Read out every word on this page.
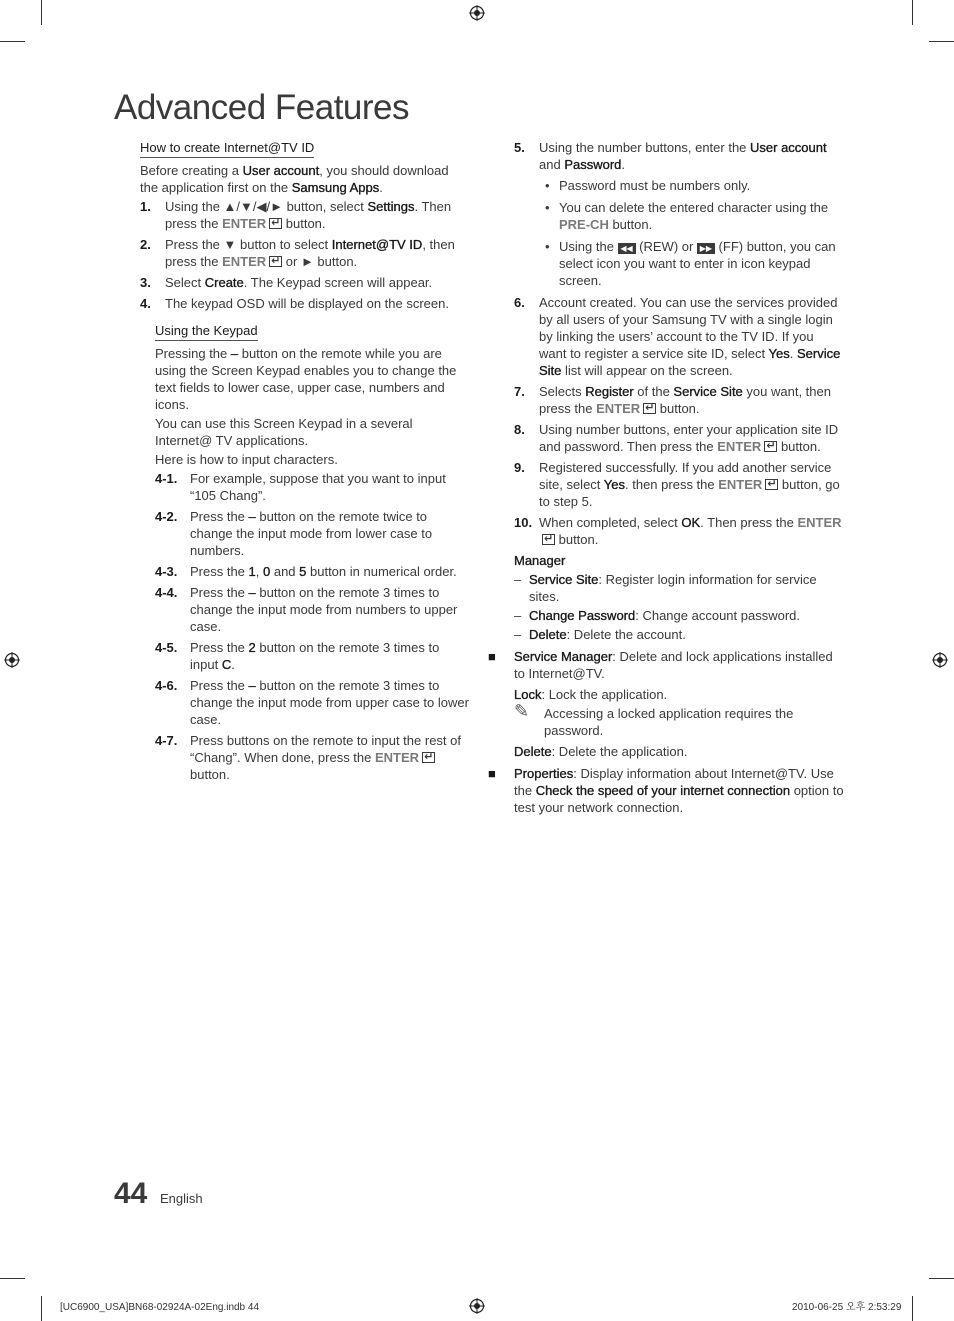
Advanced Features
How to create Internet@TV ID

Before creating a User account, you should download the application first on the Samsung Apps.

1. Using the ▲/▼/◀/► button, select Settings. Then press the ENTER↵ button.
2. Press the ▼ button to select Internet@TV ID, then press the ENTER↵ or ► button.
3. Select Create. The Keypad screen will appear.
4. The keypad OSD will be displayed on the screen.
Using the Keypad

Pressing the – button on the remote while you are using the Screen Keypad enables you to change the text fields to lower case, upper case, numbers and icons.

You can use this Screen Keypad in a several Internet@ TV applications.

Here is how to input characters.

4-1. For example, suppose that you want to input “105 Chang”.
4-2. Press the – button on the remote twice to change the input mode from lower case to numbers.
4-3. Press the 1, 0 and 5 button in numerical order.
4-4. Press the – button on the remote 3 times to change the input mode from numbers to upper case.
4-5. Press the 2 button on the remote 3 times to input C.
4-6. Press the – button on the remote 3 times to change the input mode from upper case to lower case.
4-7. Press buttons on the remote to input the rest of “Chang”. When done, press the ENTER↵ button.
5. Using the number buttons, enter the User account and Password.
• Password must be numbers only.
• You can delete the entered character using the PRE-CH button.
• Using the ◀◀ (REW) or ▶▶ (FF) button, you can select icon you want to enter in icon keypad screen.
6. Account created. You can use the services provided by all users of your Samsung TV with a single login by linking the users’ account to the TV ID. If you want to register a service site ID, select Yes. Service Site list will appear on the screen.
7. Selects Register of the Service Site you want, then press the ENTER↵ button.
8. Using number buttons, enter your application site ID and password. Then press the ENTER↵ button.
9. Registered successfully. If you add another service site, select Yes. then press the ENTER↵ button, go to step 5.
10. When completed, select OK. Then press the ENTER↵ button.
Manager
– Service Site: Register login information for service sites.
– Change Password: Change account password.
– Delete: Delete the account.
■ Service Manager: Delete and lock applications installed to Internet@TV.
Lock: Lock the application.
✎ Accessing a locked application requires the password.
Delete: Delete the application.
■ Properties: Display information about Internet@TV. Use the Check the speed of your internet connection option to test your network connection.
44 English
[UC6900_USA]BN68-02924A-02Eng.indb 44	2010-06-25 오후 2:53:29
